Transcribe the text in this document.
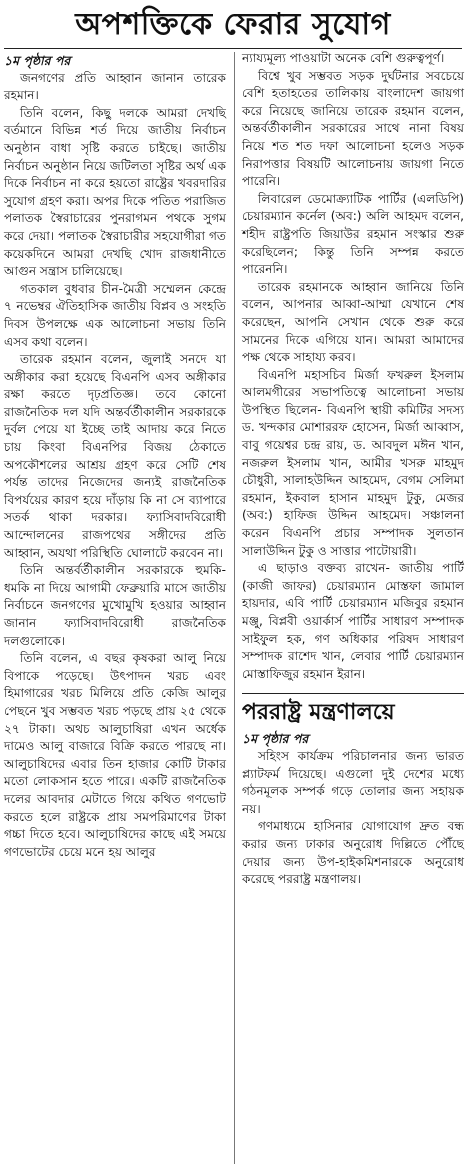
অপশক্তিকে ফেরার সুযোগ
১ম পৃষ্ঠার পর

জনগণের প্রতি আহ্বান জানান তারেক রহমান।

তিনি বলেন, কিছু দলকে আমরা দেখছি বর্তমানে বিভিন্ন শর্ত দিয়ে জাতীয় নির্বাচন অনুষ্ঠান বাধা সৃষ্টি করতে চাইছে। জাতীয় নির্বাচন অনুষ্ঠান নিয়ে জটিলতা সৃষ্টির অর্থ এক দিকে নির্বাচন না করে হয়তো রাষ্ট্রের খবরদারির সুযোগ গ্রহণ করা। অপর দিকে পতিত পরাজিত পলাতক স্বৈরাচারের পুনরাগমন পথকে সুগম করে দেয়া। পলাতক স্বৈরাচারীর সহযোগীরা গত কয়েকদিনে আমরা দেখছি খোদ রাজধানীতে আগুন সন্ত্রাস চালিয়েছে।

গতকাল বুধবার চীন-মৈত্রী সম্মেলন কেন্দ্রে ৭ নভেম্বর ঐতিহাসিক জাতীয় বিপ্লব ও সংহতি দিবস উপলক্ষে এক আলোচনা সভায় তিনি এসব কথা বলেন।

তারেক রহমান বলেন, জুলাই সনদে যা অঙ্গীকার করা হয়েছে বিএনপি এসব অঙ্গীকার রক্ষা করতে দৃঢ়প্রতিজ্ঞ। তবে কোনো রাজনৈতিক দল যদি অন্তর্বর্তীকালীন সরকারকে দুর্বল পেয়ে যা ইচ্ছে তাই আদায় করে নিতে চায় কিংবা বিএনপির বিজয় ঠেকাতে অপকৌশলের আশ্রয় গ্রহণ করে সেটি শেষ পর্যন্ত তাদের নিজেদের জন্যই রাজনৈতিক বিপর্যয়ের কারণ হয়ে দাঁড়ায় কি না সে ব্যাপারে সতর্ক থাকা দরকার। ফ্যাসিবাদবিরোধী আন্দোলনের রাজপথের সঙ্গীদের প্রতি আহ্বান, অযথা পরিস্থিতি ঘোলাটে করবেন না।

তিনি অন্তর্বর্তীকালীন সরকারকে হুমকি-ধমকি না দিয়ে আগামী ফেব্রুয়ারি মাসে জাতীয় নির্বাচনে জনগণের মুখোমুখি হওয়ার আহ্বান জানান ফ্যাসিবাদবিরোধী রাজনৈতিক দলগুলোকে।

তিনি বলেন, এ বছর কৃষকরা আলু নিয়ে বিপাকে পড়েছে। উৎপাদন খরচ এবং হিমাগারের খরচ মিলিয়ে প্রতি কেজি আলুর পেছনে খুব সম্ভবত খরচ পড়ছে প্রায় ২৫ থেকে ২৭ টাকা। অথচ আলুচাষিরা এখন অর্ধেক দামেও আলু বাজারে বিক্রি করতে পারছে না। আলুচাষিদের এবার তিন হাজার কোটি টাকার মতো লোকসান হতে পারে। একটি রাজনৈতিক দলের আবদার মেটাতে গিয়ে কথিত গণভোট করতে হলে রাষ্ট্রকে প্রায় সমপরিমাণের টাকা গচ্চা দিতে হবে। আলুচাষিদের কাছে এই সময়ে গণভোটের চেয়ে মনে হয় আলুর

ন্যায্যমূল্য পাওয়াটা অনেক বেশি গুরুত্বপূর্ণ।

বিশ্বে খুব সম্ভবত সড়ক দুর্ঘটনার সবচেয়ে বেশি হতাহতের তালিকায় বাংলাদেশ জায়গা করে নিয়েছে জানিয়ে তারেক রহমান বলেন, অন্তর্বর্তীকালীন সরকারের সাথে নানা বিষয় নিয়ে শত শত দফা আলোচনা হলেও সড়ক নিরাপত্তার বিষয়টি আলোচনায় জায়গা নিতে পারেনি।

লিবারেল ডেমোক্র্যাটিক পার্টির (এলডিপি) চেয়ারম্যান কর্নেল (অব:) অলি আহমদ বলেন, শহীদ রাষ্ট্রপতি জিয়াউর রহমান সংস্কার শুরু করেছিলেন; কিন্তু তিনি সম্পন্ন করতে পারেননি।

তারেক রহমানকে আহ্বান জানিয়ে তিনি বলেন, আপনার আব্বা-আম্মা যেখানে শেষ করেছেন, আপনি সেখান থেকে শুরু করে সামনের দিকে এগিয়ে যান। আমরা আমাদের পক্ষ থেকে সাহায্য করব।

বিএনপি মহাসচিব মির্জা ফখরুল ইসলাম আলমগীরের সভাপতিত্বে আলোচনা সভায় উপস্থিত ছিলেন- বিএনপি স্থায়ী কমিটির সদস্য ড. খন্দকার মোশাররফ হোসেন, মির্জা আব্বাস, বাবু গয়েশ্বর চন্দ্র রায়, ড. আবদুল মঈন খান, নজরুল ইসলাম খান, আমীর খসরু মাহমুদ চৌধুরী, সালাহউদ্দিন আহমেদ, বেগম সেলিমা রহমান, ইকবাল হাসান মাহমুদ টুকু, মেজর (অব:) হাফিজ উদ্দিন আহমেদ। সঞ্চালনা করেন বিএনপি প্রচার সম্পাদক সুলতান সালাউদ্দিন টুকু ও সাত্তার পাটোয়ারী।

এ ছাড়াও বক্তব্য রাখেন- জাতীয় পার্টি (কাজী জাফর) চেয়ারম্যান মোস্তফা জামাল হায়দার, এবি পার্টি চেয়ারম্যান মজিবুর রহমান মঞ্জু, বিপ্লবী ওয়ার্কার্স পার্টির সাধারণ সম্পাদক সাইফুল হক, গণ অধিকার পরিষদ সাধারণ সম্পাদক রাশেদ খান, লেবার পার্টি চেয়ারম্যান মোস্তাফিজুর রহমান ইরান।

পররাষ্ট্র মন্ত্রণালয়ে
১ম পৃষ্ঠার পর

সহিংস কার্যক্রম পরিচালনার জন্য ভারত প্ল্যাটফর্ম দিয়েছে। এগুলো দুই দেশের মধ্যে গঠনমূলক সম্পর্ক গড়ে তোলার জন্য সহায়ক নয়।

গণমাধ্যমে হাসিনার যোগাযোগ দ্রুত বন্ধ করার জন্য ঢাকার অনুরোধ দিল্লিতে পৌঁছে দেয়ার জন্য উপ-হাইকমিশনারকে অনুরোধ করেছে পররাষ্ট্র মন্ত্রণালয়।
